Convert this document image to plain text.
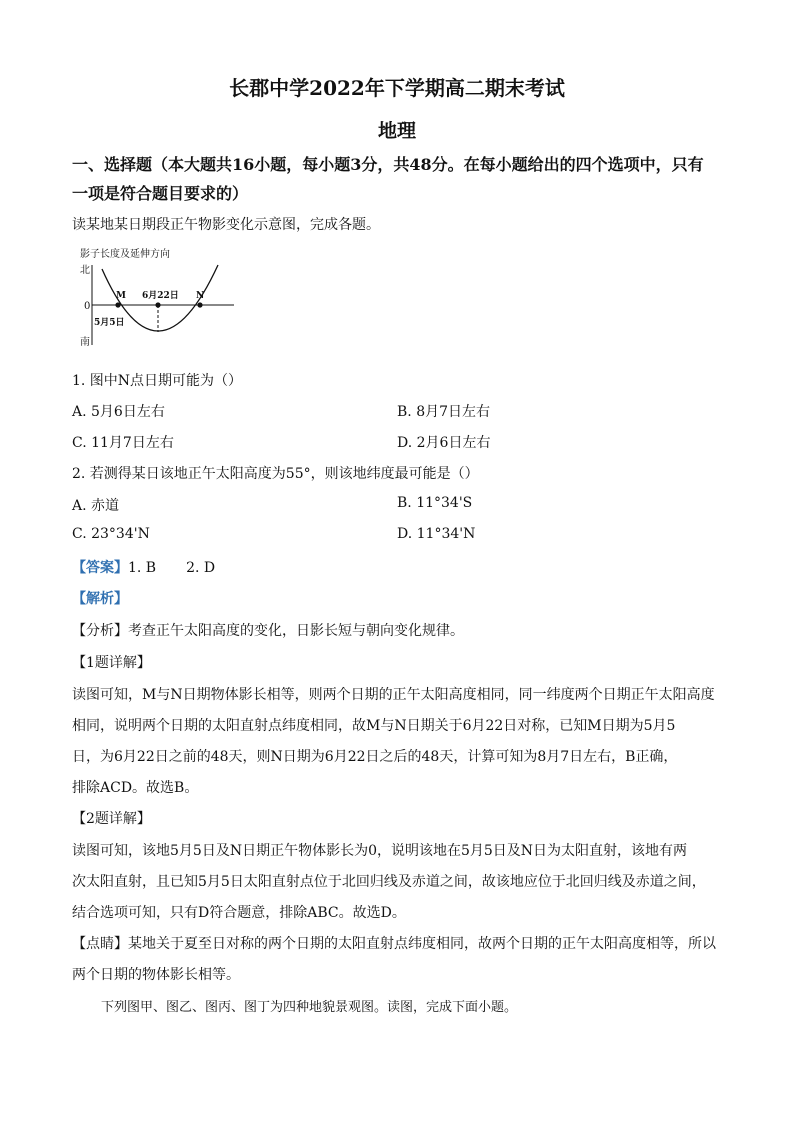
长郡中学2022年下学期高二期末考试
地理
一、选择题（本大题共16小题，每小题3分，共48分。在每小题给出的四个选项中，只有
一项是符合题目要求的）
读某地某日期段正午物影变化示意图，完成各题。
影子长度及延伸方向
北
0
南
M 6月22日 N
5月5日
1. 图中N点日期可能为（）
A. 5月6日左右	B. 8月7日左右
C. 11月7日左右	D. 2月6日左右
2. 若测得某日该地正午太阳高度为55°，则该地纬度最可能是（）
A. 赤道	B. 11°34'S
C. 23°34'N	D. 11°34'N
【答案】1. B 2. D
【解析】
【分析】考查正午太阳高度的变化，日影长短与朝向变化规律。
【1题详解】
读图可知，M与N日期物体影长相等，则两个日期的正午太阳高度相同，同一纬度两个日期正午太阳高度
相同，说明两个日期的太阳直射点纬度相同，故M与N日期关于6月22日对称，已知M日期为5月5
日，为6月22日之前的48天，则N日期为6月22日之后的48天，计算可知为8月7日左右，B正确，
排除ACD。故选B。
【2题详解】
读图可知，该地5月5日及N日期正午物体影长为0，说明该地在5月5日及N日为太阳直射，该地有两
次太阳直射，且已知5月5日太阳直射点位于北回归线及赤道之间，故该地应位于北回归线及赤道之间，
结合选项可知，只有D符合题意，排除ABC。故选D。
【点睛】某地关于夏至日对称的两个日期的太阳直射点纬度相同，故两个日期的正午太阳高度相等，所以
两个日期的物体影长相等。
下列图甲、图乙、图丙、图丁为四种地貌景观图。读图，完成下面小题。
